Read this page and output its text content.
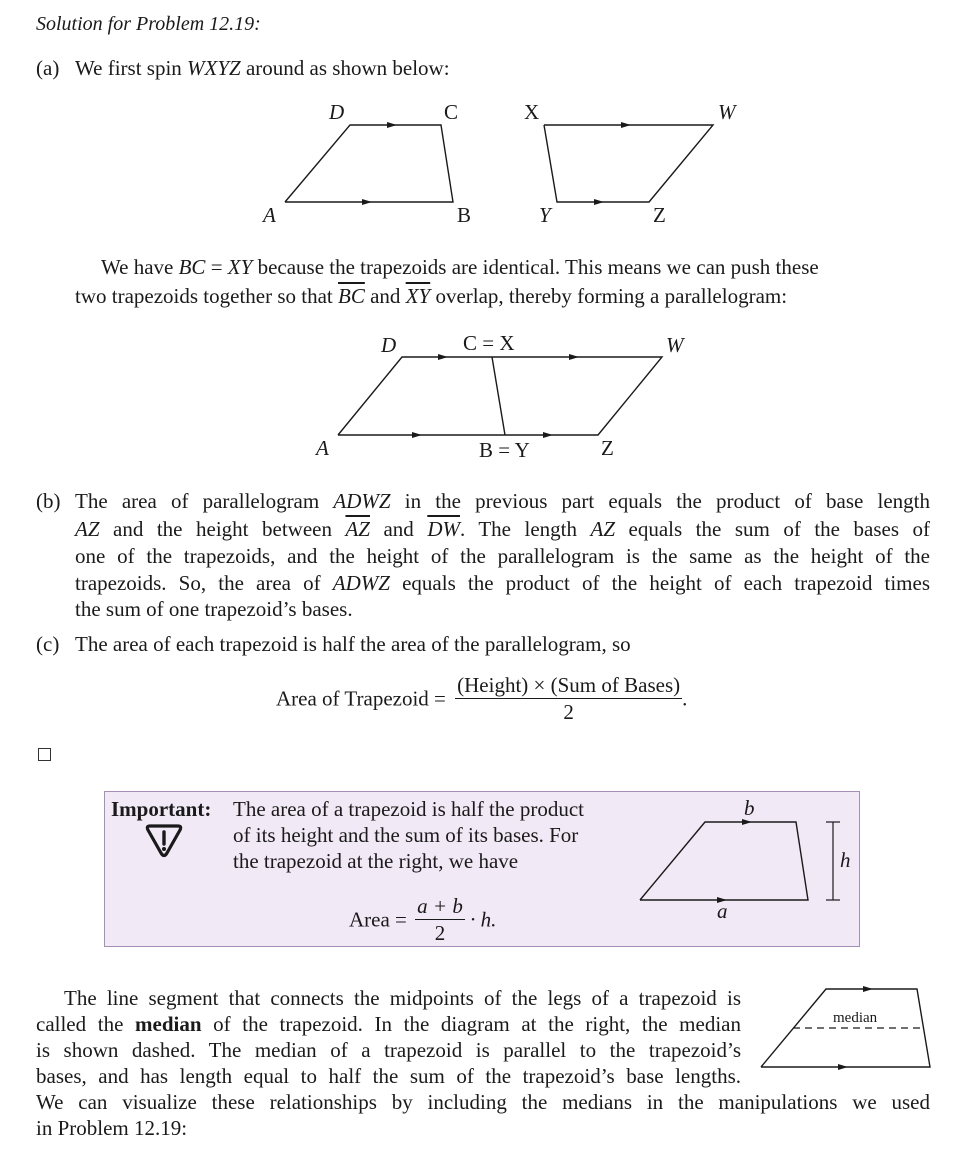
Solution for Problem 12.19:
(a) We first spin WXYZ around as shown below:
D	C
A	B
X	W
Y	Z
We have BC = XY because the trapezoids are identical. This means we can push these
two trapezoids together so that $\overline{BC}$ and $\overline{XY}$ overlap, thereby forming a parallelogram:
D	C = X	W
A	B = Y	Z
(b) The area of parallelogram ADWZ in the previous part equals the product of base length
AZ and the height between $\overline{AZ}$ and $\overline{DW}$. The length AZ equals the sum of the bases of
one of the trapezoids, and the height of the parallelogram is the same as the height of the
trapezoids. So, the area of ADWZ equals the product of the height of each trapezoid times
the sum of one trapezoid’s bases.
(c) The area of each trapezoid is half the area of the parallelogram, so
Area of Trapezoid = $\frac{\text{(Height) × (Sum of Bases)}}{2}$ .
Important: The area of a trapezoid is half the product
of its height and the sum of its bases. For
the trapezoid at the right, we have
Area = $\frac{a + b}{2} \cdot h$.
b
a
h
The line segment that connects the midpoints of the legs of a trapezoid is
called the median of the trapezoid. In the diagram at the right, the median
is shown dashed. The median of a trapezoid is parallel to the trapezoid’s
bases, and has length equal to half the sum of the trapezoid’s base lengths.
We can visualize these relationships by including the medians in the manipulations we used
in Problem 12.19:
median
